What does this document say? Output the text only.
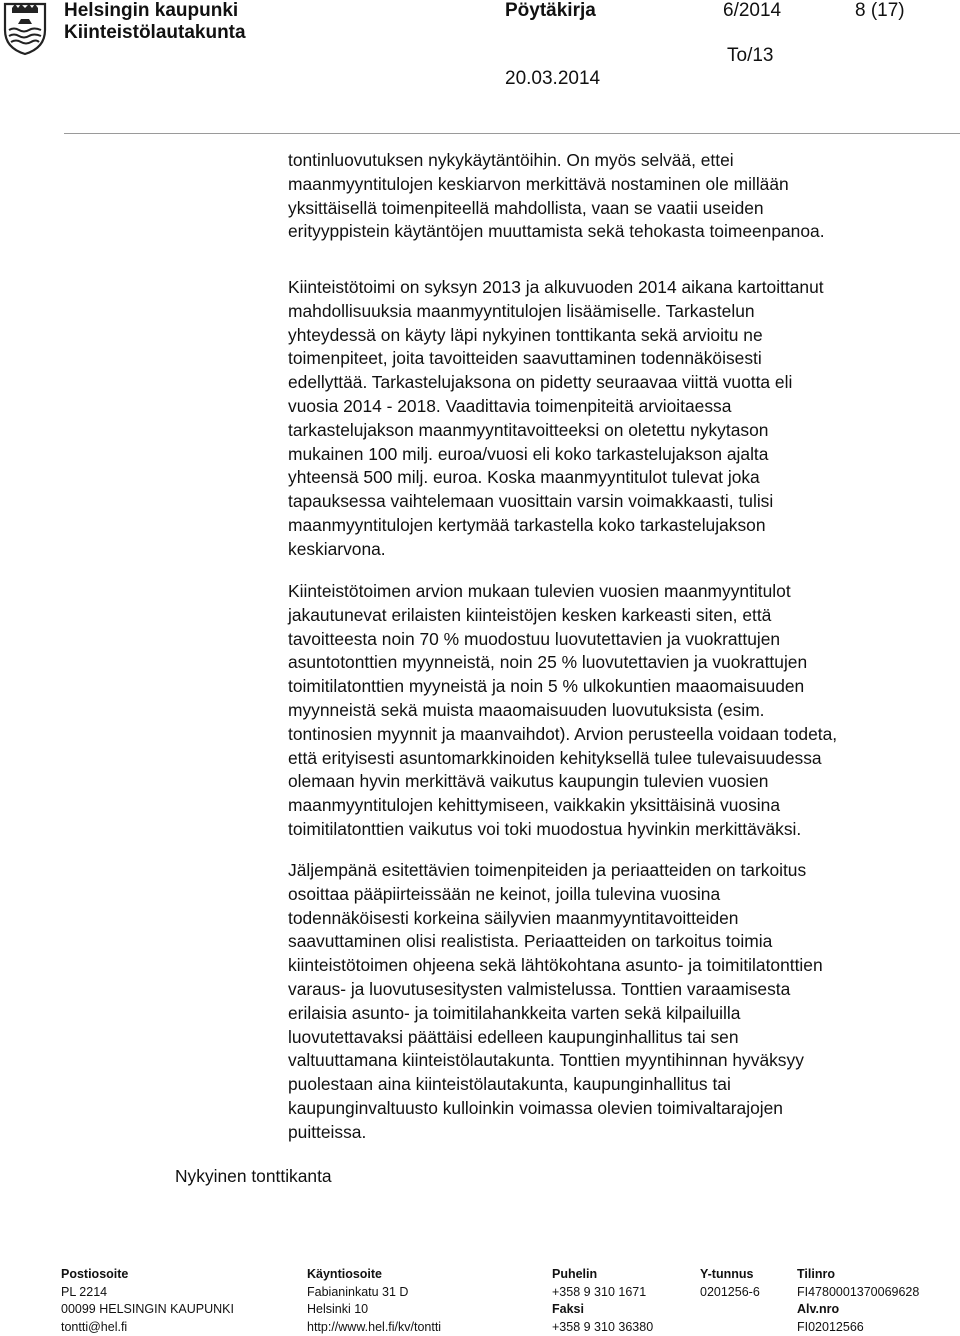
Helsingin kaupunki
Kiinteistölautakunta
Pöytäkirja	6/2014	8 (17)
To/13
20.03.2014

tontinluovutuksen nykykäytäntöihin. On myös selvää, ettei
maanmyyntitulojen keskiarvon merkittävä nostaminen ole millään
yksittäisellä toimenpiteellä mahdollista, vaan se vaatii useiden
erityyppistein käytäntöjen muuttamista sekä tehokasta toimeenpanoa.

Kiinteistötoimi on syksyn 2013 ja alkuvuoden 2014 aikana kartoittanut
mahdollisuuksia maanmyyntitulojen lisäämiselle. Tarkastelun
yhteydessä on käyty läpi nykyinen tonttikanta sekä arvioitu ne
toimenpiteet, joita tavoitteiden saavuttaminen todennäköisesti
edellyttää. Tarkastelujaksona on pidetty seuraavaa viittä vuotta eli
vuosia 2014 - 2018. Vaadittavia toimenpiteitä arvioitaessa
tarkastelujakson maanmyyntitavoitteeksi on oletettu nykytason
mukainen 100 milj. euroa/vuosi eli koko tarkastelujakson ajalta
yhteensä 500 milj. euroa. Koska maanmyyntitulot tulevat joka
tapauksessa vaihtelemaan vuosittain varsin voimakkaasti, tulisi
maanmyyntitulojen kertymää tarkastella koko tarkastelujakson
keskiarvona.

Kiinteistötoimen arvion mukaan tulevien vuosien maanmyyntitulot
jakautunevat erilaisten kiinteistöjen kesken karkeasti siten, että
tavoitteesta noin 70 % muodostuu luovutettavien ja vuokrattujen
asuntotonttien myynneistä, noin 25 % luovutettavien ja vuokrattujen
toimitilatonttien myyneistä ja noin 5 % ulkokuntien maaomaisuuden
myynneistä sekä muista maaomaisuuden luovutuksista (esim.
tontinosien myynnit ja maanvaihdot). Arvion perusteella voidaan todeta,
että erityisesti asuntomarkkinoiden kehityksellä tulee tulevaisuudessa
olemaan hyvin merkittävä vaikutus kaupungin tulevien vuosien
maanmyyntitulojen kehittymiseen, vaikkakin yksittäisinä vuosina
toimitilatonttien vaikutus voi toki muodostua hyvinkin merkittäväksi.

Jäljempänä esitettävien toimenpiteiden ja periaatteiden on tarkoitus
osoittaa pääpiirteissään ne keinot, joilla tulevina vuosina
todennäköisesti korkeina säilyvien maanmyyntitavoitteiden
saavuttaminen olisi realistista. Periaatteiden on tarkoitus toimia
kiinteistötoimen ohjeena sekä lähtökohtana asunto- ja toimitilatonttien
varaus- ja luovutusesitysten valmistelussa. Tonttien varaamisesta
erilaisia asunto- ja toimitilahankkeita varten sekä kilpailuilla
luovutettavaksi päättäisi edelleen kaupunginhallitus tai sen
valtuuttamana kiinteistölautakunta. Tonttien myyntihinnan hyväksyy
puolestaan aina kiinteistölautakunta, kaupunginhallitus tai
kaupunginvaltuusto kulloinkin voimassa olevien toimivaltarajojen
puitteissa.

Nykyinen tonttikanta
Postiosoite
PL 2214
00099 HELSINGIN KAUPUNKI
tontti@hel.fi
Käyntiosoite
Fabianinkatu 31 D
Helsinki 10
http://www.hel.fi/kv/tontti
Puhelin
+358 9 310 1671
Faksi
+358 9 310 36380
Y-tunnus
0201256-6
Tilinro
FI4780001370069628
Alv.nro
FI02012566
